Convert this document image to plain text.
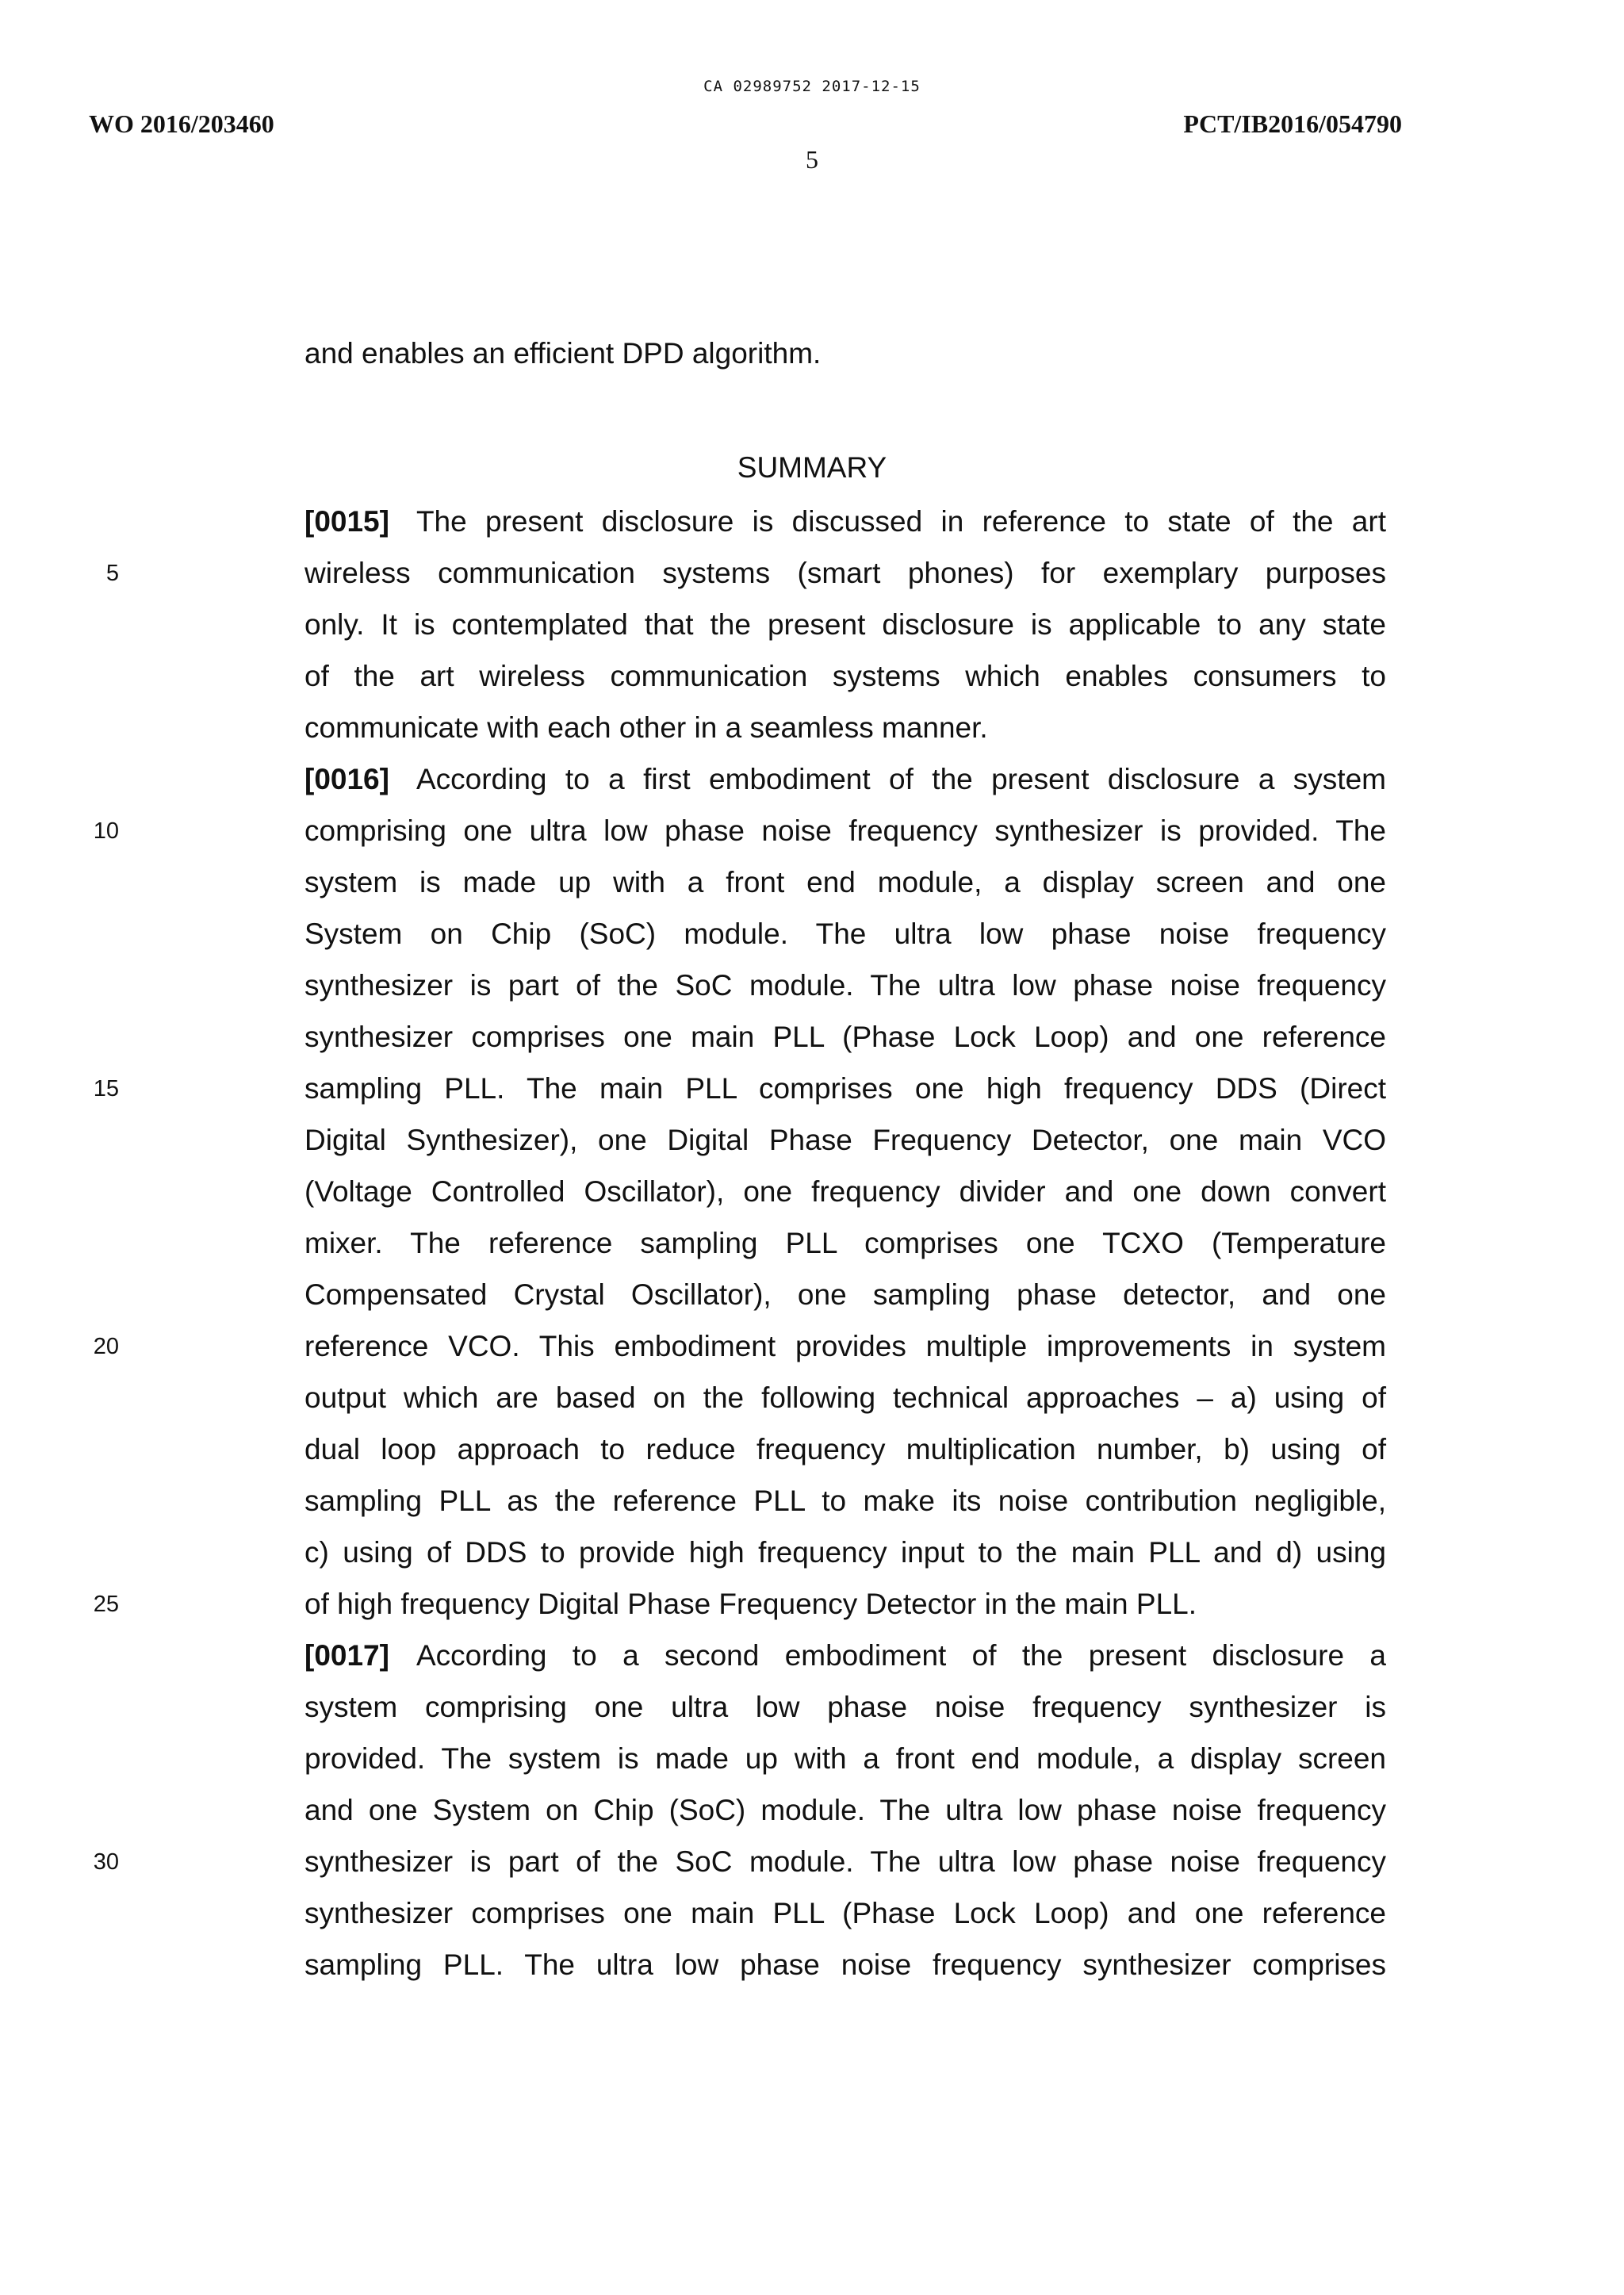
CA 02989752 2017-12-15
WO 2016/203460	PCT/IB2016/054790
5
and enables an efficient DPD algorithm.
SUMMARY
[0015] The present disclosure is discussed in reference to state of the art
wireless communication systems (smart phones) for exemplary purposes
only. It is contemplated that the present disclosure is applicable to any state
of the art wireless communication systems which enables consumers to
communicate with each other in a seamless manner.
[0016] According to a first embodiment of the present disclosure a system
comprising one ultra low phase noise frequency synthesizer is provided. The
system is made up with a front end module, a display screen and one
System on Chip (SoC) module. The ultra low phase noise frequency
synthesizer is part of the SoC module. The ultra low phase noise frequency
synthesizer comprises one main PLL (Phase Lock Loop) and one reference
sampling PLL. The main PLL comprises one high frequency DDS (Direct
Digital Synthesizer), one Digital Phase Frequency Detector, one main VCO
(Voltage Controlled Oscillator), one frequency divider and one down convert
mixer. The reference sampling PLL comprises one TCXO (Temperature
Compensated Crystal Oscillator), one sampling phase detector, and one
reference VCO. This embodiment provides multiple improvements in system
output which are based on the following technical approaches – a) using of
dual loop approach to reduce frequency multiplication number, b) using of
sampling PLL as the reference PLL to make its noise contribution negligible,
c) using of DDS to provide high frequency input to the main PLL and d) using
of high frequency Digital Phase Frequency Detector in the main PLL.
[0017] According to a second embodiment of the present disclosure a
system comprising one ultra low phase noise frequency synthesizer is
provided. The system is made up with a front end module, a display screen
and one System on Chip (SoC) module. The ultra low phase noise frequency
synthesizer is part of the SoC module. The ultra low phase noise frequency
synthesizer comprises one main PLL (Phase Lock Loop) and one reference
sampling PLL. The ultra low phase noise frequency synthesizer comprises
5
10
15
20
25
30
